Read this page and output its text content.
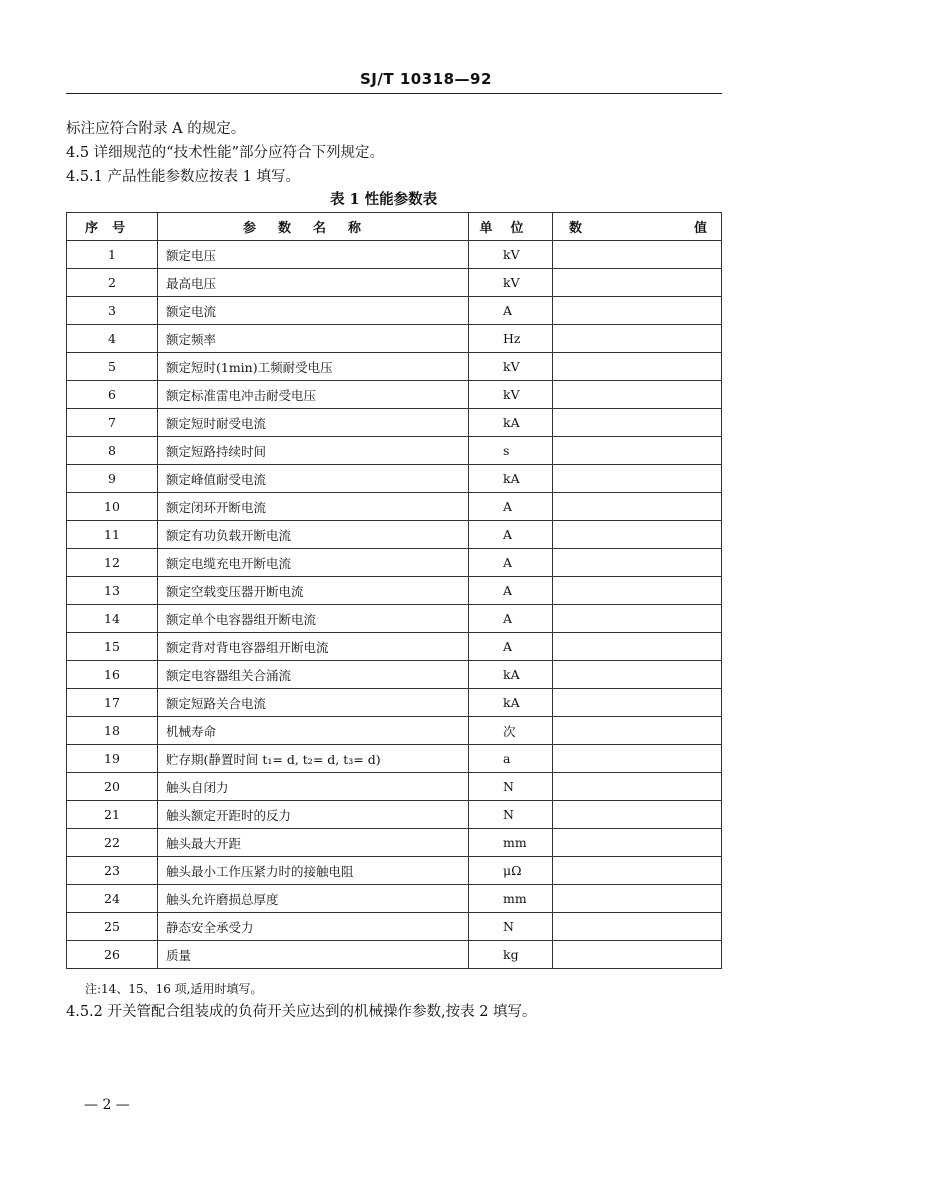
SJ/T 10318—92
标注应符合附录 A 的规定。
4.5 详细规范的“技术性能”部分应符合下列规定。
4.5.1 产品性能参数应按表 1 填写。
表 1 性能参数表
序号	参数名称	单位	数 值

1	额定电压	kV	
2	最高电压	kV	
3	额定电流	A	
4	额定频率	Hz	
5	额定短时(1min)工频耐受电压	kV	
6	额定标准雷电冲击耐受电压	kV	
7	额定短时耐受电流	kA	
8	额定短路持续时间	s	
9	额定峰值耐受电流	kA	
10	额定闭环开断电流	A	
11	额定有功负载开断电流	A	
12	额定电缆充电开断电流	A	
13	额定空载变压器开断电流	A	
14	额定单个电容器组开断电流	A	
15	额定背对背电容器组开断电流	A	
16	额定电容器组关合涌流	kA	
17	额定短路关合电流	kA	
18	机械寿命	次	
19	贮存期(静置时间 t₁= d, t₂= d, t₃= d)	a	
20	触头自闭力	N	
21	触头额定开距时的反力	N	
22	触头最大开距	mm	
23	触头最小工作压紧力时的接触电阻	μΩ	
24	触头允许磨损总厚度	mm	
25	静态安全承受力	N	
26	质量	kg	
注:14、15、16 项,适用时填写。
4.5.2 开关管配合组装成的负荷开关应达到的机械操作参数,按表 2 填写。
— 2 —
